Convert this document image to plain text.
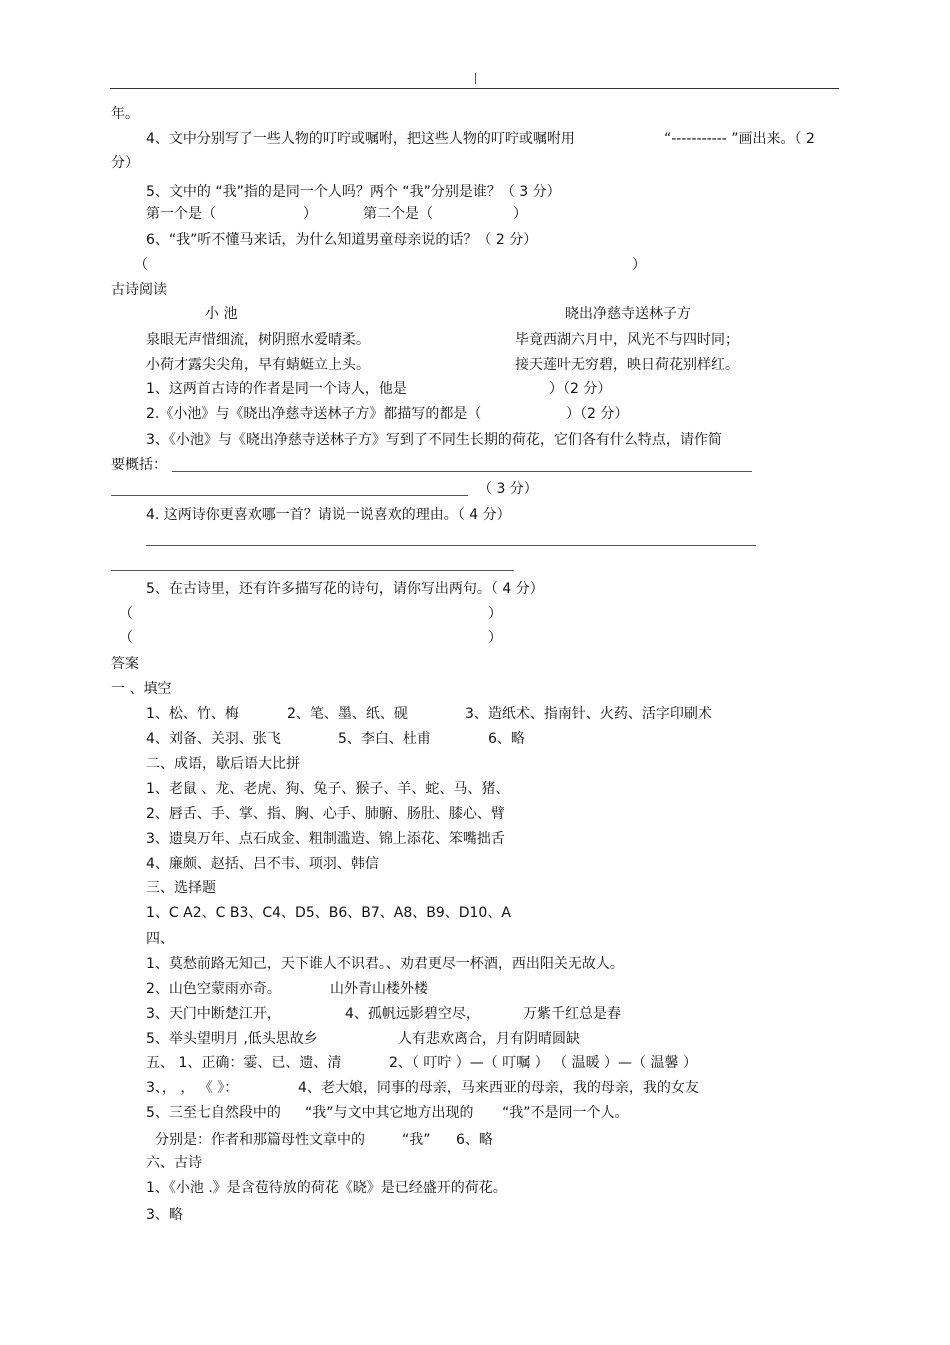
年。
4、文中分别写了一些人物的叮咛或嘱咐，把这些人物的叮咛或嘱咐用	“----------- ”画出来。（ 2
分）
5、文中的 “我”指的是同一个人吗？两个 “我”分别是谁？（ 3 分）
第一个是（	）	第二个是（	）
6、“我”听不懂马来话，为什么知道男童母亲说的话？（ 2 分）
（	）
古诗阅读
小 池	晓出净慈寺送林子方
泉眼无声惜细流，树阴照水爱晴柔。	毕竟西湖六月中，风光不与四时同；
小荷才露尖尖角，早有蜻蜓立上头。	接天莲叶无穷碧，映日荷花别样红。
1、这两首古诗的作者是同一个诗人，他是	）（2 分）
2.《小池》与《晓出净慈寺送林子方》都描写的都是（	）（2 分）
3、《小池》与《晓出净慈寺送林子方》写到了不同生长期的荷花，它们各有什么特点，请作简
要概括：
（ 3 分）
4. 这两诗你更喜欢哪一首？请说一说喜欢的理由。（ 4 分）
5、在古诗里，还有许多描写花的诗句，请你写出两句。（ 4 分）
（	）
（	）
答案
一 、填空
1、松、竹、梅	2、笔、墨、纸、砚	3、造纸术、指南针、火药、活字印刷术
4、刘备、关羽、张飞	5、李白、杜甫	6、略
二、成语，歇后语大比拼
1、老鼠 、龙、老虎、狗、兔子、猴子、羊、蛇、马、猪、
2、唇舌、手、掌、指、胸、心手、肺腑、肠肚、膝心、臂
3、遗臭万年、点石成金、粗制滥造、锦上添花、笨嘴拙舌
4、廉颇、赵括、吕不韦、项羽、韩信
三、选择题
1、C A2、C B3、C4、D5、B6、B7、A8、B9、D10、A
四、
1、莫愁前路无知己，天下谁人不识君。、劝君更尽一杯酒，西出阳关无故人。
2、山色空蒙雨亦奇。	山外青山楼外楼
3、天门中断楚江开，	4、孤帆远影碧空尽，	万紫千红总是春
5、举头望明月 ,低头思故乡	人有悲欢离合，月有阴晴圆缺
五、 1、正确：霎、已、遗、清	2、（ 叮咛 ）—（ 叮嘱 ） （ 温暖 ）—（ 温馨 ）
3、， ， 《 》：	4、老大娘，同事的母亲，马来西亚的母亲，我的母亲，我的女友
5、三至七自然段中的 “我”与文中其它地方出现的 “我”不是同一个人。
分别是：作者和那篇母性文章中的	“我” 6、略
六、古诗
1、《小池 .》是含苞待放的荷花《晓》是已经盛开的荷花。
3、略
